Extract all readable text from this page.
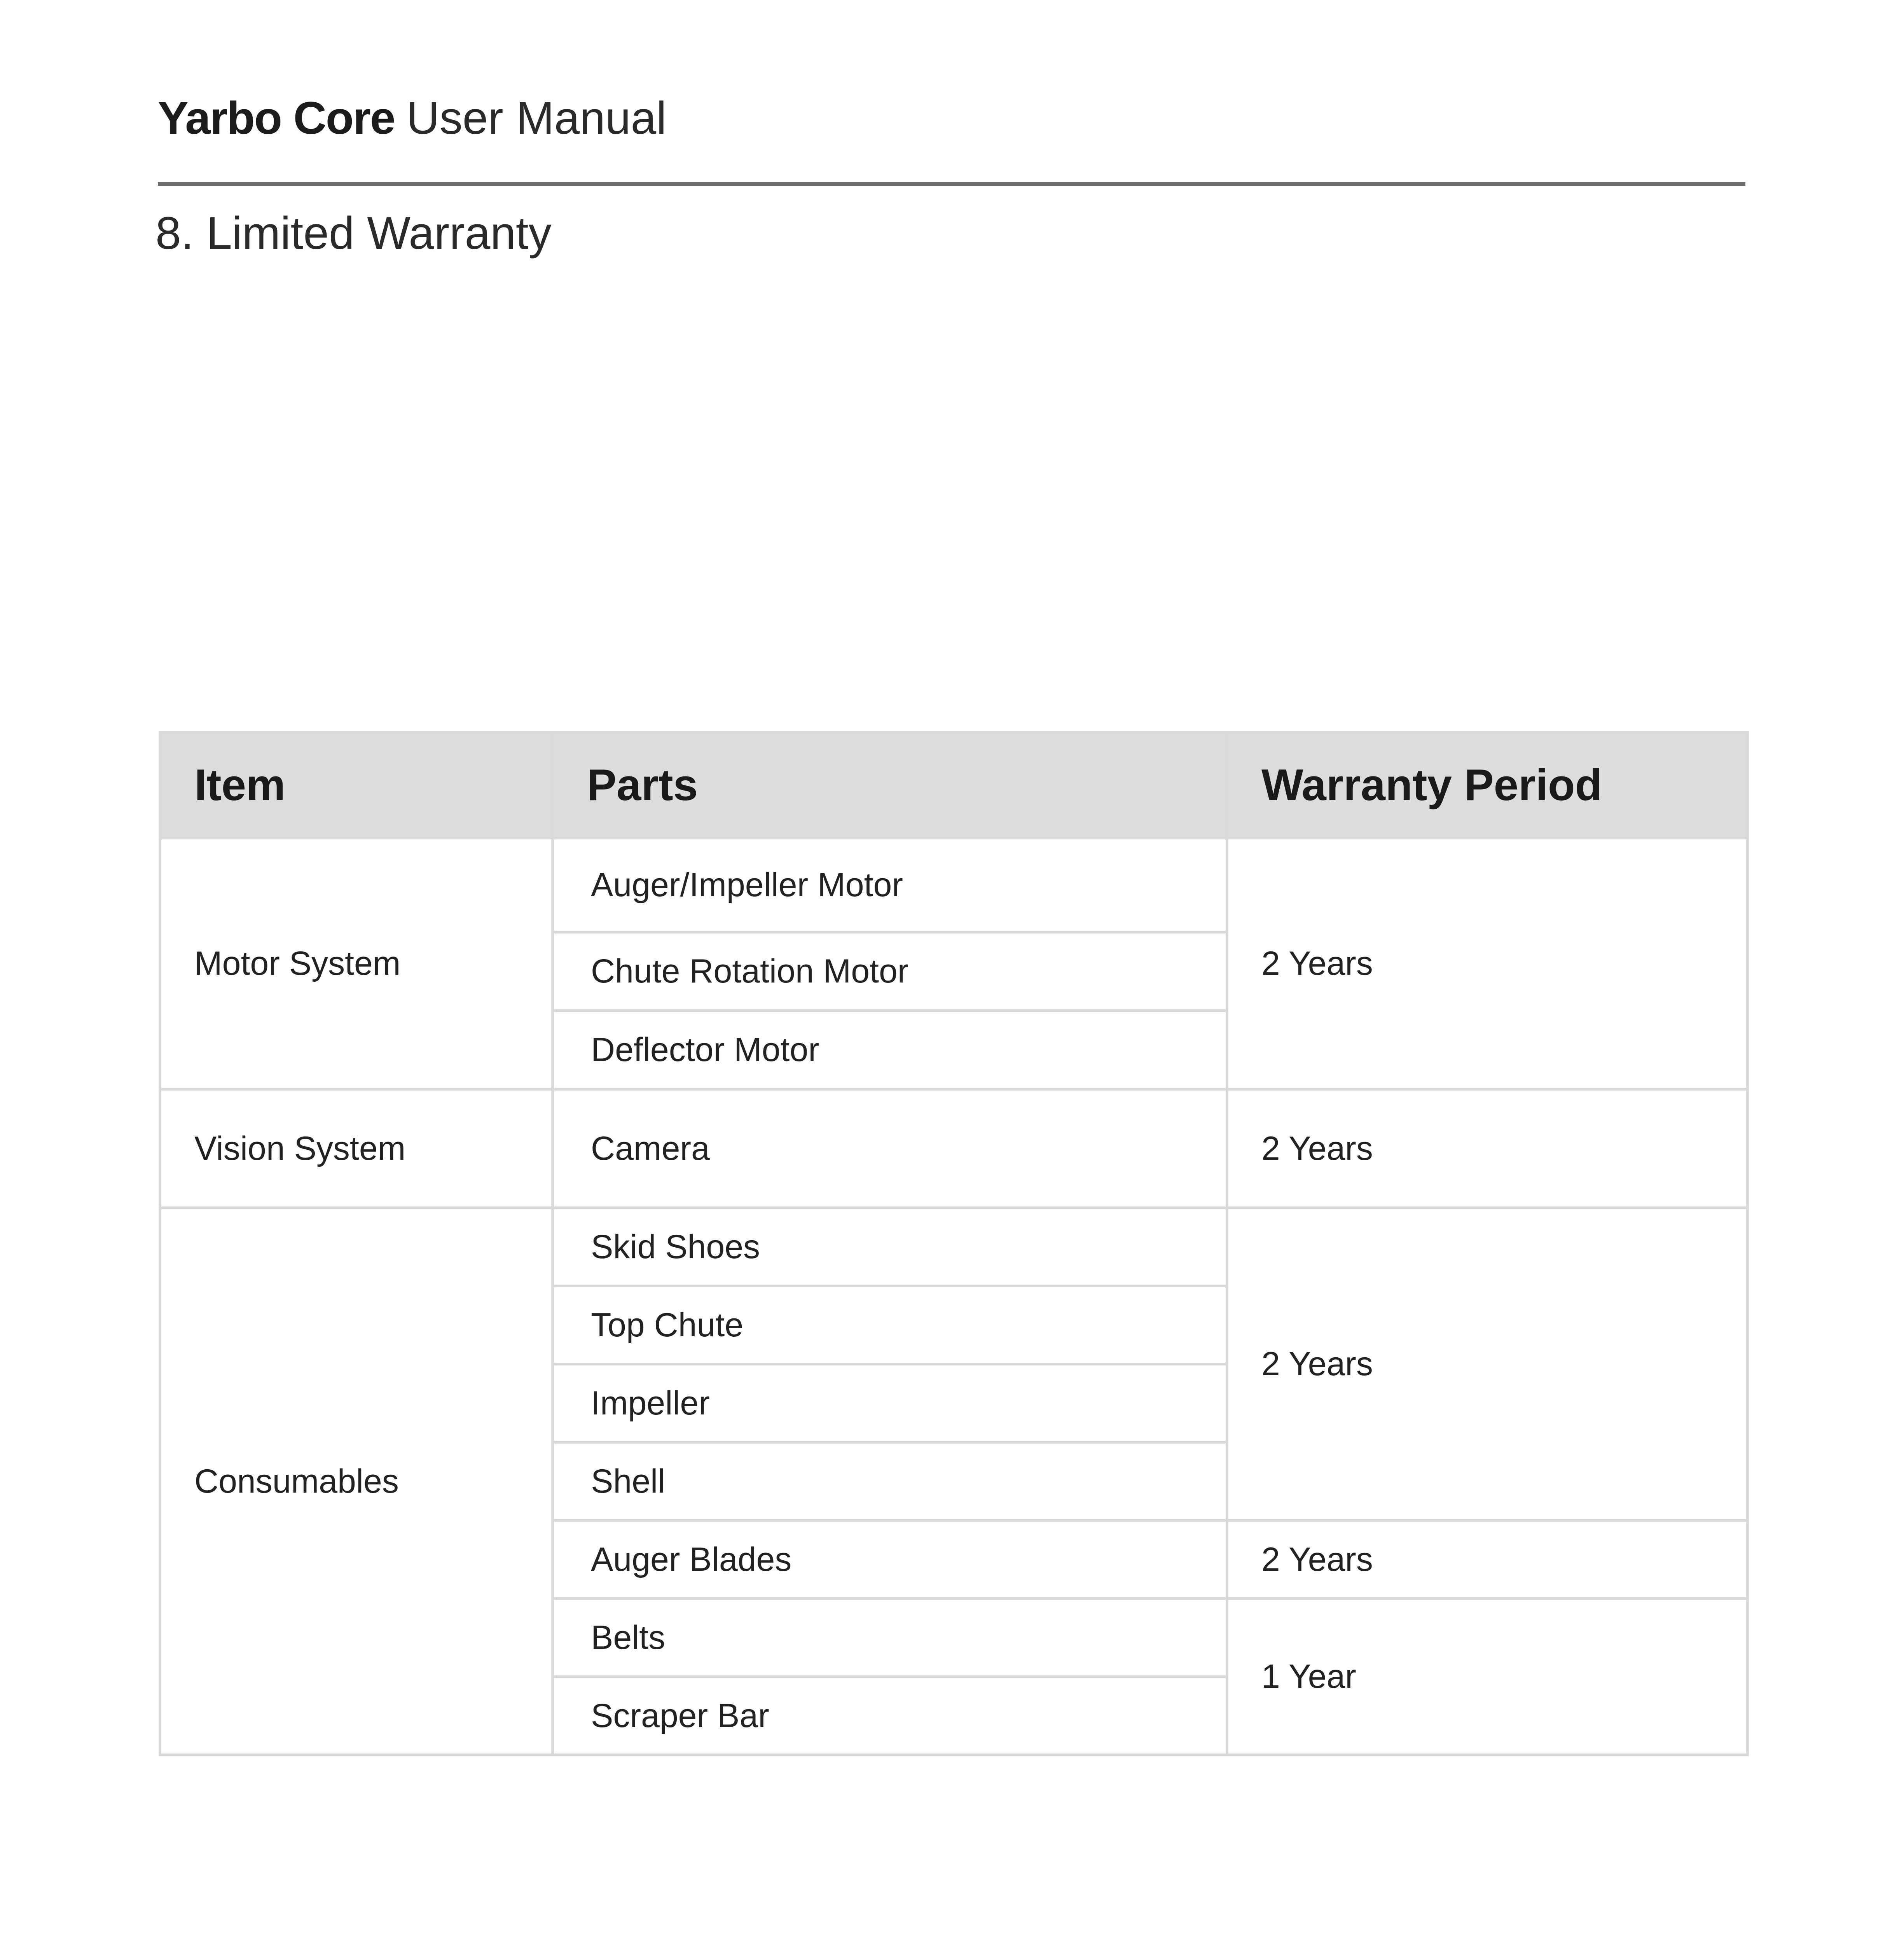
Yarbo Core User Manual
8. Limited Warranty
Item	Parts	Warranty Period
Motor System	Auger/Impeller Motor	2 Years
	Chute Rotation Motor	
	Deflector Motor	
Vision System	Camera	2 Years
Consumables	Skid Shoes	2 Years
	Top Chute	
	Impeller	
	Shell	
	Auger Blades	2 Years
	Belts	1 Year
	Scraper Bar	
